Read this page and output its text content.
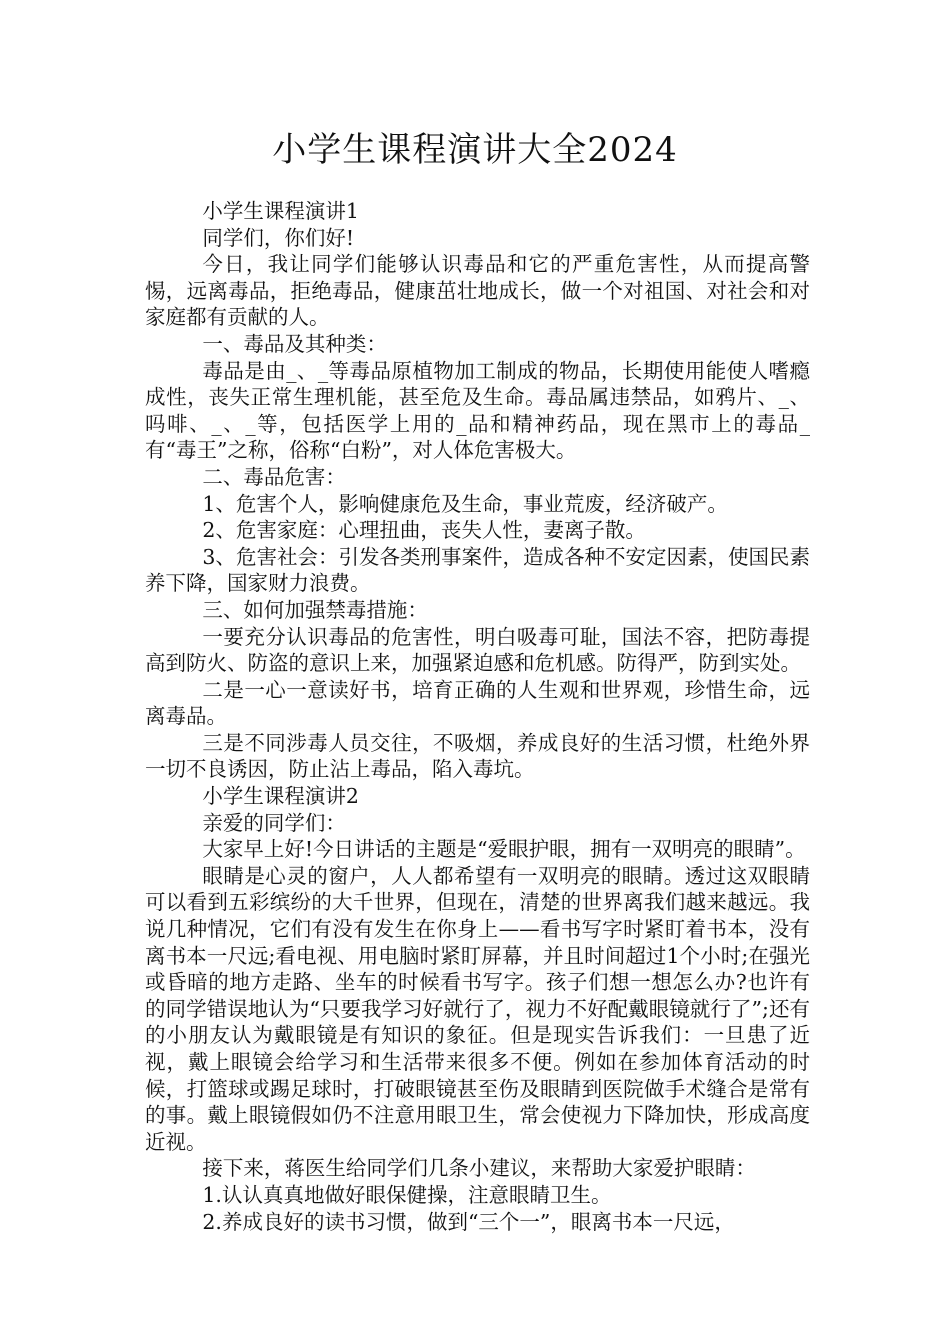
小学生课程演讲大全2024

小学生课程演讲1

同学们，你们好!

今日，我让同学们能够认识毒品和它的严重危害性，从而提高警惕，远离毒品，拒绝毒品，健康茁壮地成长，做一个对祖国、对社会和对家庭都有贡献的人。

一、毒品及其种类：

毒品是由_、_等毒品原植物加工制成的物品，长期使用能使人嗜瘾成性，丧失正常生理机能，甚至危及生命。毒品属违禁品，如鸦片、_、吗啡、_、_等，包括医学上用的_品和精神药品，现在黑市上的毒品_有“毒王”之称，俗称“白粉”，对人体危害极大。

二、毒品危害：

1、危害个人，影响健康危及生命，事业荒废，经济破产。

2、危害家庭：心理扭曲，丧失人性，妻离子散。

3、危害社会：引发各类刑事案件，造成各种不安定因素，使国民素养下降，国家财力浪费。

三、如何加强禁毒措施：

一要充分认识毒品的危害性，明白吸毒可耻，国法不容，把防毒提高到防火、防盗的意识上来，加强紧迫感和危机感。防得严，防到实处。

二是一心一意读好书，培育正确的人生观和世界观，珍惜生命，远离毒品。

三是不同涉毒人员交往，不吸烟，养成良好的生活习惯，杜绝外界一切不良诱因，防止沾上毒品，陷入毒坑。

小学生课程演讲2

亲爱的同学们：

大家早上好!今日讲话的主题是“爱眼护眼，拥有一双明亮的眼睛”。

眼睛是心灵的窗户，人人都希望有一双明亮的眼睛。透过这双眼睛可以看到五彩缤纷的大千世界，但现在，清楚的世界离我们越来越远。我说几种情况，它们有没有发生在你身上——看书写字时紧盯着书本，没有离书本一尺远;看电视、用电脑时紧盯屏幕，并且时间超过1个小时;在强光或昏暗的地方走路、坐车的时候看书写字。孩子们想一想怎么办?也许有的同学错误地认为“只要我学习好就行了，视力不好配戴眼镜就行了”;还有的小朋友认为戴眼镜是有知识的象征。但是现实告诉我们：一旦患了近视，戴上眼镜会给学习和生活带来很多不便。例如在参加体育活动的时候，打篮球或踢足球时，打破眼镜甚至伤及眼睛到医院做手术缝合是常有的事。戴上眼镜假如仍不注意用眼卫生，常会使视力下降加快，形成高度近视。

接下来，蒋医生给同学们几条小建议，来帮助大家爱护眼睛：

1.认认真真地做好眼保健操，注意眼睛卫生。

2.养成良好的读书习惯，做到“三个一”，眼离书本一尺远，
